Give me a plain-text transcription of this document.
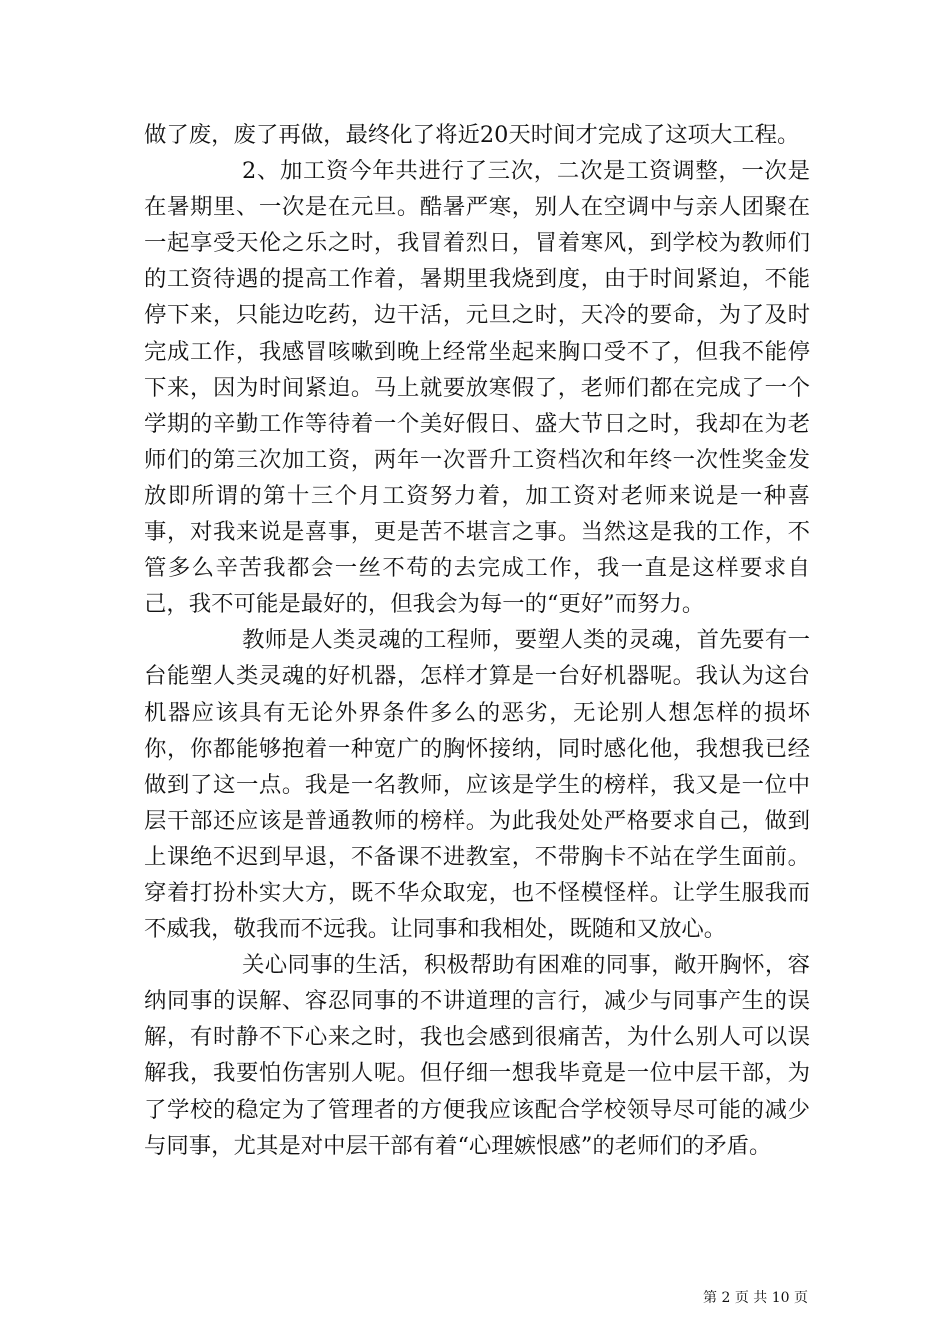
做了废，废了再做，最终化了将近20天时间才完成了这项大工程。

2、加工资今年共进行了三次，二次是工资调整，一次是在暑期里、一次是在元旦。酷暑严寒，别人在空调中与亲人团聚在一起享受天伦之乐之时，我冒着烈日，冒着寒风，到学校为教师们的工资待遇的提高工作着，暑期里我烧到度，由于时间紧迫，不能停下来，只能边吃药，边干活，元旦之时，天冷的要命，为了及时完成工作，我感冒咳嗽到晚上经常坐起来胸口受不了，但我不能停下来，因为时间紧迫。马上就要放寒假了，老师们都在完成了一个学期的辛勤工作等待着一个美好假日、盛大节日之时，我却在为老师们的第三次加工资，两年一次晋升工资档次和年终一次性奖金发放即所谓的第十三个月工资努力着，加工资对老师来说是一种喜事，对我来说是喜事，更是苦不堪言之事。当然这是我的工作，不管多么辛苦我都会一丝不苟的去完成工作，我一直是这样要求自己，我不可能是最好的，但我会为每一的“更好”而努力。

教师是人类灵魂的工程师，要塑人类的灵魂，首先要有一台能塑人类灵魂的好机器，怎样才算是一台好机器呢。我认为这台机器应该具有无论外界条件多么的恶劣，无论别人想怎样的损坏你，你都能够抱着一种宽广的胸怀接纳，同时感化他，我想我已经做到了这一点。我是一名教师，应该是学生的榜样，我又是一位中层干部还应该是普通教师的榜样。为此我处处严格要求自己，做到上课绝不迟到早退，不备课不进教室，不带胸卡不站在学生面前。穿着打扮朴实大方，既不华众取宠，也不怪模怪样。让学生服我而不威我，敬我而不远我。让同事和我相处，既随和又放心。

关心同事的生活，积极帮助有困难的同事，敞开胸怀，容纳同事的误解、容忍同事的不讲道理的言行，减少与同事产生的误解，有时静不下心来之时，我也会感到很痛苦，为什么别人可以误解我，我要怕伤害别人呢。但仔细一想我毕竟是一位中层干部，为了学校的稳定为了管理者的方便我应该配合学校领导尽可能的减少与同事，尤其是对中层干部有着“心理嫉恨感”的老师们的矛盾。

第 2 页 共 10 页
